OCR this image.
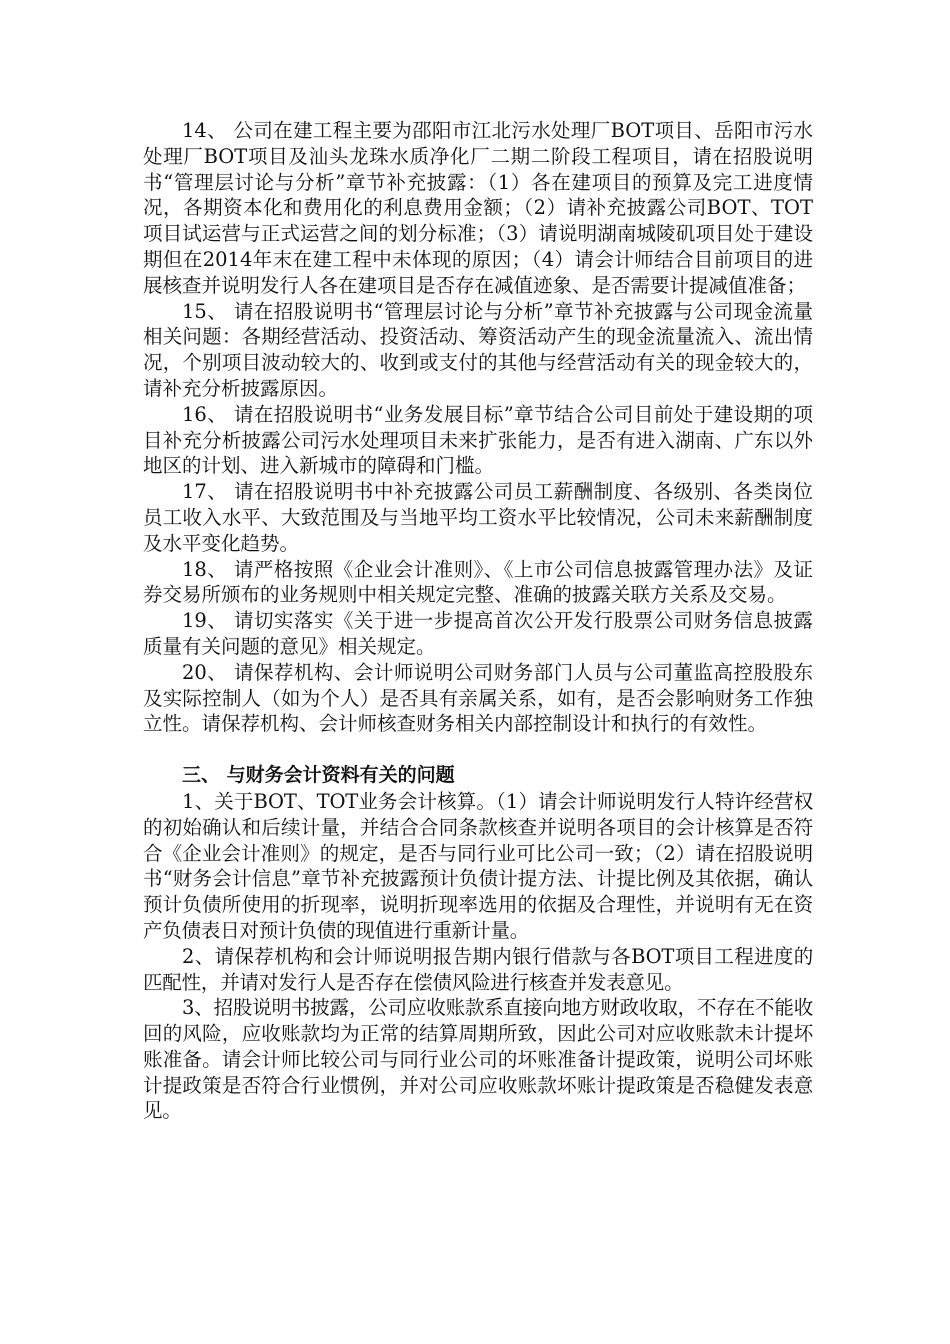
14、 公司在建工程主要为邵阳市江北污水处理厂BOT项目、岳阳市污水处理厂BOT项目及汕头龙珠水质净化厂二期二阶段工程项目，请在招股说明书“管理层讨论与分析”章节补充披露：（1）各在建项目的预算及完工进度情况，各期资本化和费用化的利息费用金额；（2）请补充披露公司BOT、TOT项目试运营与正式运营之间的划分标准；（3）请说明湖南城陵矶项目处于建设期但在2014年末在建工程中未体现的原因；（4）请会计师结合目前项目的进展核查并说明发行人各在建项目是否存在减值迹象、是否需要计提减值准备；

15、 请在招股说明书“管理层讨论与分析”章节补充披露与公司现金流量相关问题：各期经营活动、投资活动、筹资活动产生的现金流量流入、流出情况，个别项目波动较大的、收到或支付的其他与经营活动有关的现金较大的，请补充分析披露原因。

16、 请在招股说明书“业务发展目标”章节结合公司目前处于建设期的项目补充分析披露公司污水处理项目未来扩张能力，是否有进入湖南、广东以外地区的计划、进入新城市的障碍和门槛。

17、 请在招股说明书中补充披露公司员工薪酬制度、各级别、各类岗位员工收入水平、大致范围及与当地平均工资水平比较情况，公司未来薪酬制度及水平变化趋势。

18、 请严格按照《企业会计准则》、《上市公司信息披露管理办法》及证券交易所颁布的业务规则中相关规定完整、准确的披露关联方关系及交易。

19、 请切实落实《关于进一步提高首次公开发行股票公司财务信息披露质量有关问题的意见》相关规定。

20、 请保荐机构、会计师说明公司财务部门人员与公司董监高控股股东及实际控制人（如为个人）是否具有亲属关系，如有，是否会影响财务工作独立性。请保荐机构、会计师核查财务相关内部控制设计和执行的有效性。

三、 与财务会计资料有关的问题

1、关于BOT、TOT业务会计核算。（1）请会计师说明发行人特许经营权的初始确认和后续计量，并结合合同条款核查并说明各项目的会计核算是否符合《企业会计准则》的规定，是否与同行业可比公司一致；（2）请在招股说明书“财务会计信息”章节补充披露预计负债计提方法、计提比例及其依据，确认预计负债所使用的折现率，说明折现率选用的依据及合理性，并说明有无在资产负债表日对预计负债的现值进行重新计量。

2、请保荐机构和会计师说明报告期内银行借款与各BOT项目工程进度的匹配性，并请对发行人是否存在偿债风险进行核查并发表意见。

3、招股说明书披露，公司应收账款系直接向地方财政收取，不存在不能收回的风险，应收账款均为正常的结算周期所致，因此公司对应收账款未计提坏账准备。请会计师比较公司与同行业公司的坏账准备计提政策，说明公司坏账计提政策是否符合行业惯例，并对公司应收账款坏账计提政策是否稳健发表意见。
